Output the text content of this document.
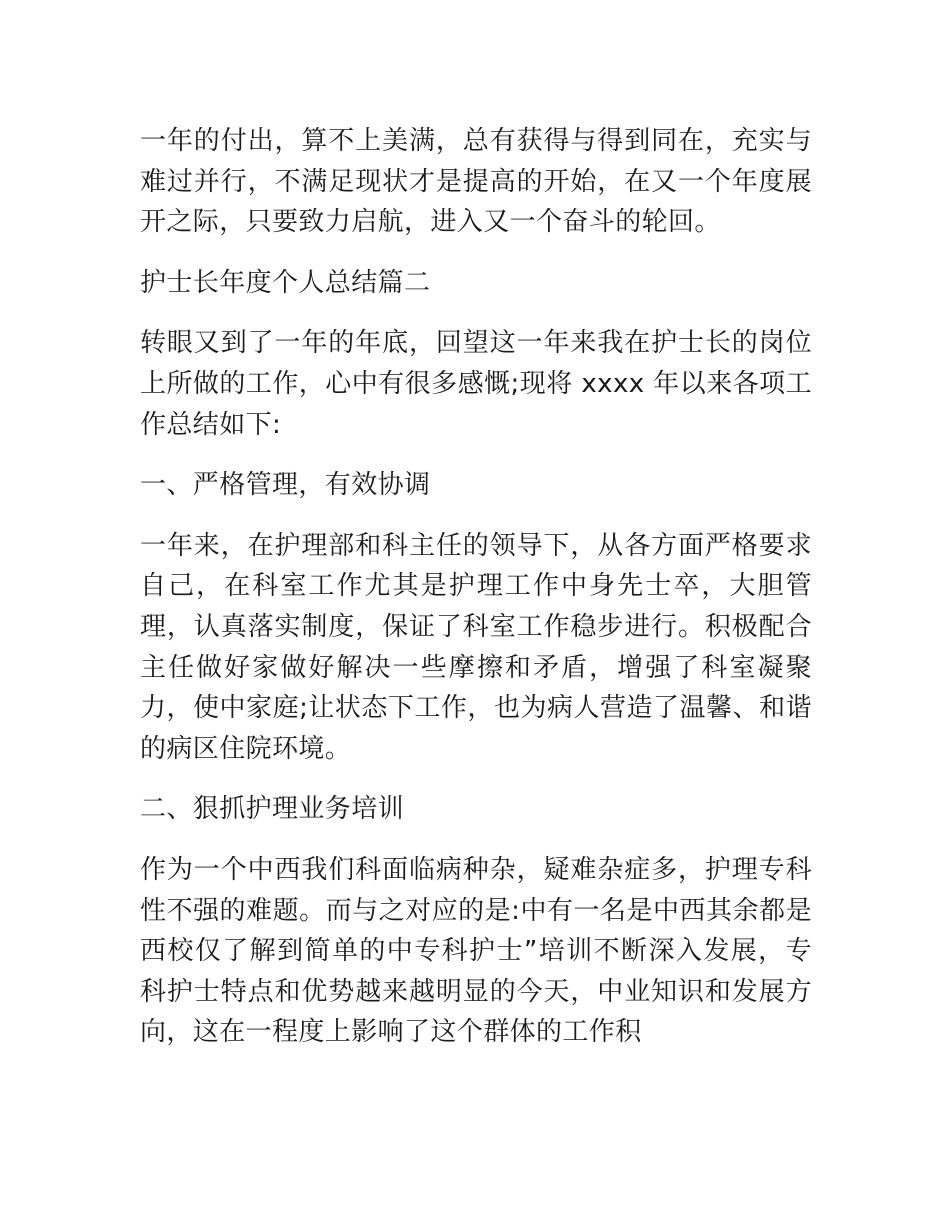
一年的付出，算不上美满，总有获得与得到同在，充实与难过并行，不满足现状才是提高的开始，在又一个年度展开之际，只要致力启航，进入又一个奋斗的轮回。

护士长年度个人总结篇二

转眼又到了一年的年底，回望这一年来我在护士长的岗位上所做的工作，心中有很多感慨;现将 xxxx 年以来各项工作总结如下:

一、严格管理，有效协调

一年来，在护理部和科主任的领导下，从各方面严格要求自己，在科室工作尤其是护理工作中身先士卒，大胆管理，认真落实制度，保证了科室工作稳步进行。积极配合主任做好家做好解决一些摩擦和矛盾，增强了科室凝聚力，使中家庭;让状态下工作，也为病人营造了温馨、和谐的病区住院环境。

二、狠抓护理业务培训

作为一个中西我们科面临病种杂，疑难杂症多，护理专科性不强的难题。而与之对应的是:中有一名是中西其余都是西校仅了解到简单的中专科护士”培训不断深入发展，专科护士特点和优势越来越明显的今天，中业知识和发展方向，这在一程度上影响了这个群体的工作积
